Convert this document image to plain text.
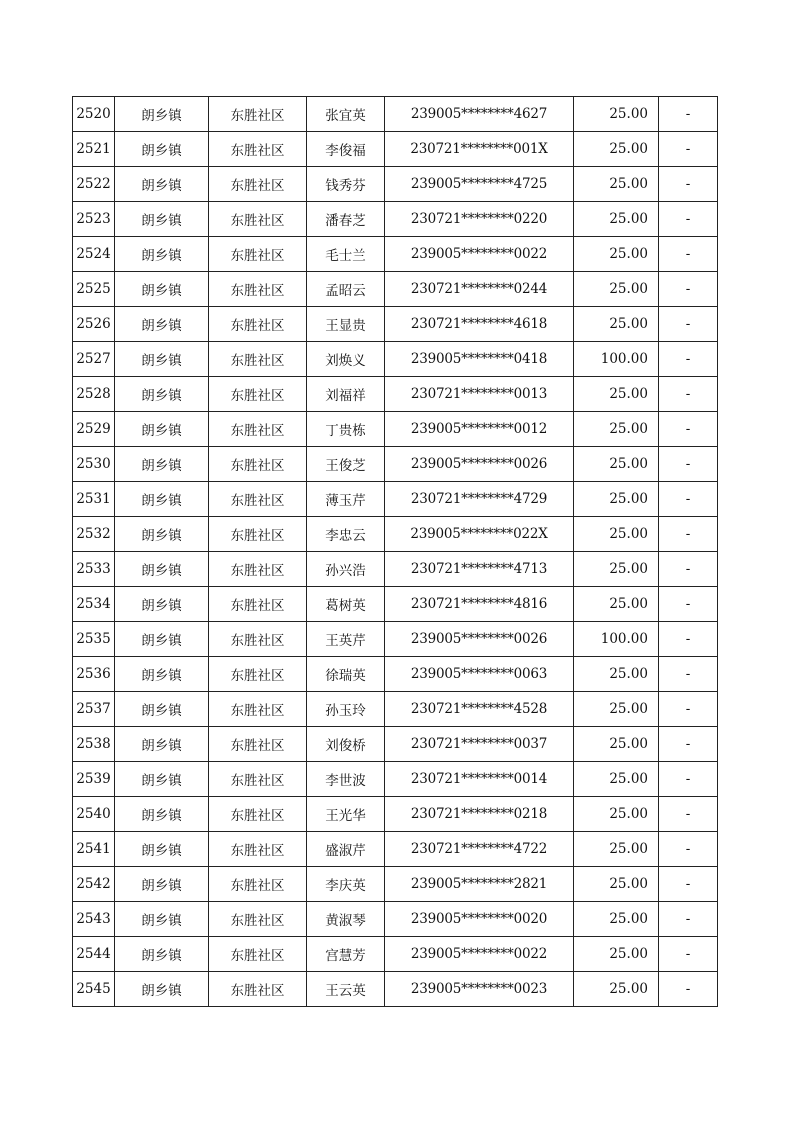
2520	朗乡镇	东胜社区	张宜英	239005********4627	25.00	-
2521	朗乡镇	东胜社区	李俊福	230721********001X	25.00	-
2522	朗乡镇	东胜社区	钱秀芬	239005********4725	25.00	-
2523	朗乡镇	东胜社区	潘春芝	230721********0220	25.00	-
2524	朗乡镇	东胜社区	毛士兰	239005********0022	25.00	-
2525	朗乡镇	东胜社区	孟昭云	230721********0244	25.00	-
2526	朗乡镇	东胜社区	王显贵	230721********4618	25.00	-
2527	朗乡镇	东胜社区	刘焕义	239005********0418	100.00	-
2528	朗乡镇	东胜社区	刘福祥	230721********0013	25.00	-
2529	朗乡镇	东胜社区	丁贵栋	239005********0012	25.00	-
2530	朗乡镇	东胜社区	王俊芝	239005********0026	25.00	-
2531	朗乡镇	东胜社区	薄玉芹	230721********4729	25.00	-
2532	朗乡镇	东胜社区	李忠云	239005********022X	25.00	-
2533	朗乡镇	东胜社区	孙兴浩	230721********4713	25.00	-
2534	朗乡镇	东胜社区	葛树英	230721********4816	25.00	-
2535	朗乡镇	东胜社区	王英芹	239005********0026	100.00	-
2536	朗乡镇	东胜社区	徐瑞英	239005********0063	25.00	-
2537	朗乡镇	东胜社区	孙玉玲	230721********4528	25.00	-
2538	朗乡镇	东胜社区	刘俊桥	230721********0037	25.00	-
2539	朗乡镇	东胜社区	李世波	230721********0014	25.00	-
2540	朗乡镇	东胜社区	王光华	230721********0218	25.00	-
2541	朗乡镇	东胜社区	盛淑芹	230721********4722	25.00	-
2542	朗乡镇	东胜社区	李庆英	239005********2821	25.00	-
2543	朗乡镇	东胜社区	黄淑琴	239005********0020	25.00	-
2544	朗乡镇	东胜社区	宫慧芳	239005********0022	25.00	-
2545	朗乡镇	东胜社区	王云英	239005********0023	25.00	-
